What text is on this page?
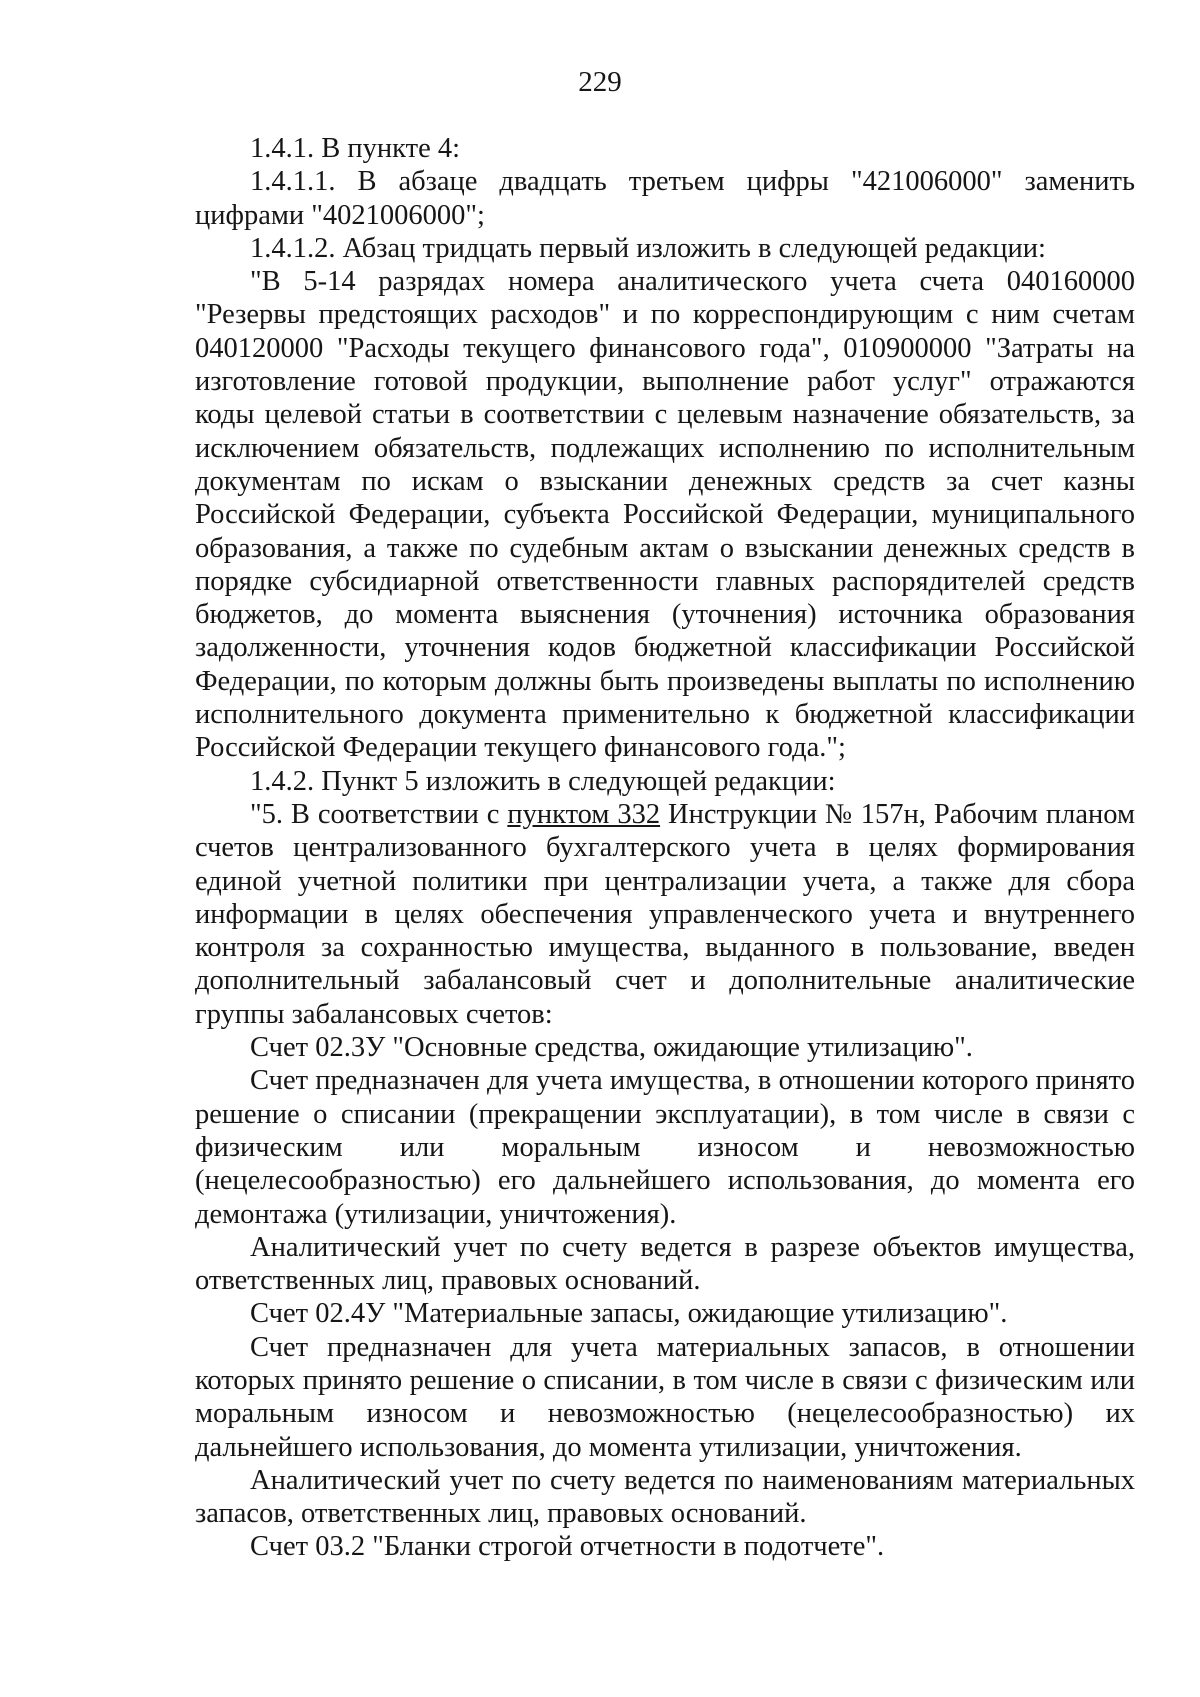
229

1.4.1. В пункте 4:

1.4.1.1. В абзаце двадцать третьем цифры "421006000" заменить цифрами "4021006000";

1.4.1.2. Абзац тридцать первый изложить в следующей редакции:

"В 5-14 разрядах номера аналитического учета счета 040160000 "Резервы предстоящих расходов" и по корреспондирующим с ним счетам 040120000 "Расходы текущего финансового года", 010900000 "Затраты на изготовление готовой продукции, выполнение работ услуг" отражаются коды целевой статьи в соответствии с целевым назначение обязательств, за исключением обязательств, подлежащих исполнению по исполнительным документам по искам о взыскании денежных средств за счет казны Российской Федерации, субъекта Российской Федерации, муниципального образования, а также по судебным актам о взыскании денежных средств в порядке субсидиарной ответственности главных распорядителей средств бюджетов, до момента выяснения (уточнения) источника образования задолженности, уточнения кодов бюджетной классификации Российской Федерации, по которым должны быть произведены выплаты по исполнению исполнительного документа применительно к бюджетной классификации Российской Федерации текущего финансового года.";

1.4.2. Пункт 5 изложить в следующей редакции:

"5. В соответствии с пунктом 332 Инструкции № 157н, Рабочим планом счетов централизованного бухгалтерского учета в целях формирования единой учетной политики при централизации учета, а также для сбора информации в целях обеспечения управленческого учета и внутреннего контроля за сохранностью имущества, выданного в пользование, введен дополнительный забалансовый счет и дополнительные аналитические группы забалансовых счетов:

Счет 02.3У "Основные средства, ожидающие утилизацию".

Счет предназначен для учета имущества, в отношении которого принято решение о списании (прекращении эксплуатации), в том числе в связи с физическим или моральным износом и невозможностью (нецелесообразностью) его дальнейшего использования, до момента его демонтажа (утилизации, уничтожения).

Аналитический учет по счету ведется в разрезе объектов имущества, ответственных лиц, правовых оснований.

Счет 02.4У "Материальные запасы, ожидающие утилизацию".

Счет предназначен для учета материальных запасов, в отношении которых принято решение о списании, в том числе в связи с физическим или моральным износом и невозможностью (нецелесообразностью) их дальнейшего использования, до момента утилизации, уничтожения.

Аналитический учет по счету ведется по наименованиям материальных запасов, ответственных лиц, правовых оснований.

Счет 03.2 "Бланки строгой отчетности в подотчете".
